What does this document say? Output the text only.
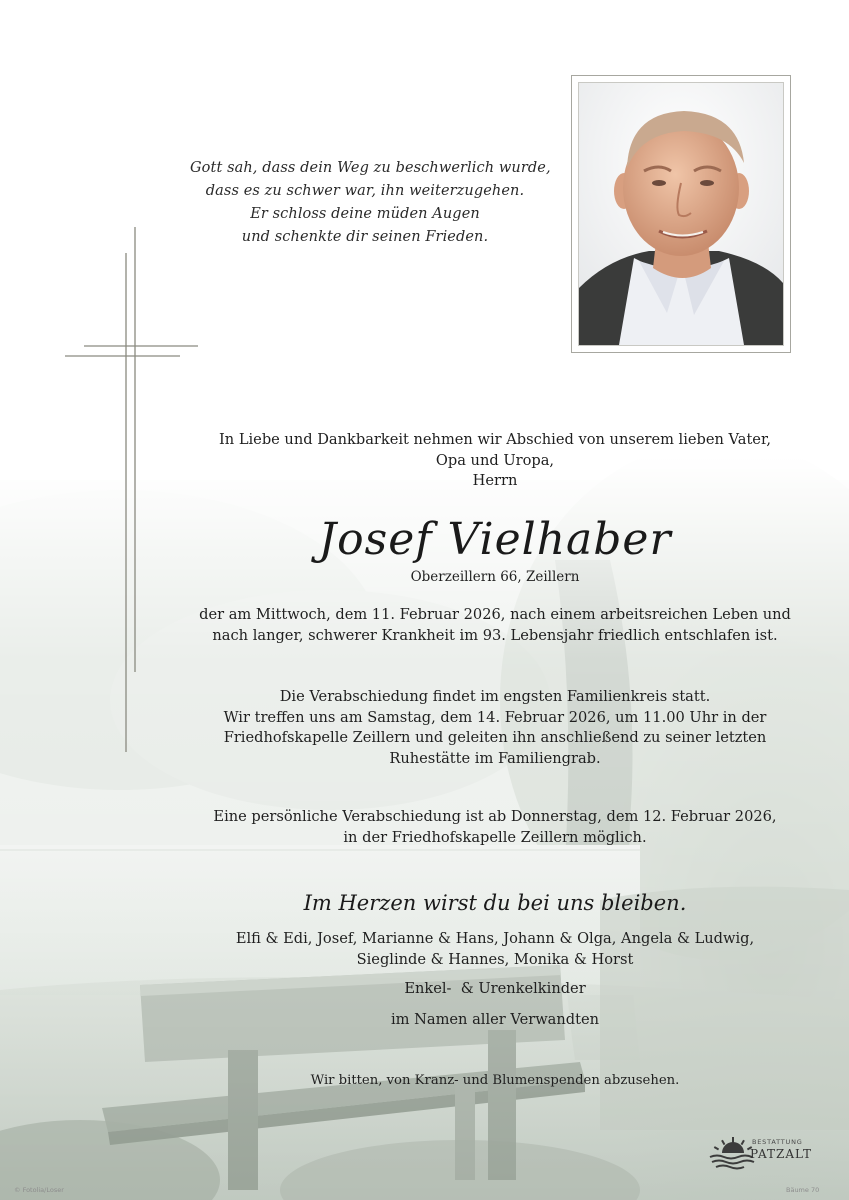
Gott sah, dass dein Weg zu beschwerlich wurde,
dass es zu schwer war, ihn weiterzugehen.
Er schloss deine müden Augen
und schenkte dir seinen Frieden.
In Liebe und Dankbarkeit nehmen wir Abschied von unserem lieben Vater,
Opa und Uropa,
Herrn
Josef Vielhaber
Oberzeillern 66, Zeillern
der am Mittwoch, dem 11. Februar 2026, nach einem arbeitsreichen Leben und
nach langer, schwerer Krankheit im 93. Lebensjahr friedlich entschlafen ist.
Die Verabschiedung findet im engsten Familienkreis statt.
Wir treffen uns am Samstag, dem 14. Februar 2026, um 11.00 Uhr in der
Friedhofskapelle Zeillern und geleiten ihn anschließend zu seiner letzten
Ruhestätte im Familiengrab.
Eine persönliche Verabschiedung ist ab Donnerstag, dem 12. Februar 2026,
in der Friedhofskapelle Zeillern möglich.
Im Herzen wirst du bei uns bleiben.
Elfi & Edi, Josef, Marianne & Hans, Johann & Olga, Angela & Ludwig,
Sieglinde & Hannes, Monika & Horst
Enkel-  & Urenkelkinder
im Namen aller Verwandten
Wir bitten, von Kranz- und Blumenspenden abzusehen.
BESTATTUNG
PATZALT
© Fotolia/Loser	Bäume 70
